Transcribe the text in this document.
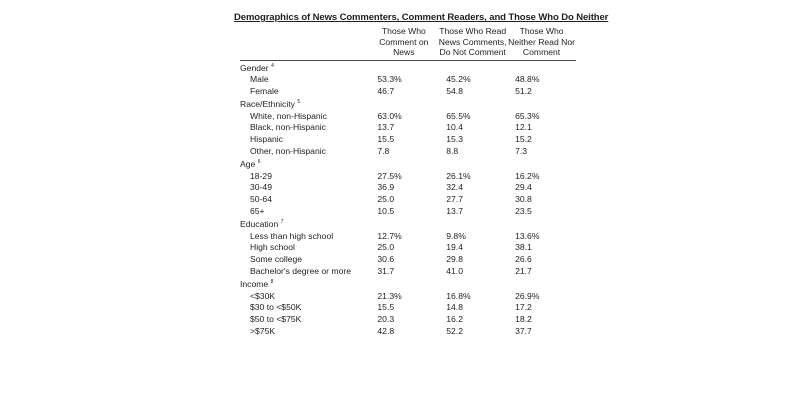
Demographics of News Commenters, Comment Readers, and Those Who Do Neither
	Those Who Comment on News	Those Who Read News Comments, Do Not Comment	Those Who Neither Read Nor Comment
Gender $^4$
Male	53.3%	45.2%	48.8%
Female	46.7	54.8	51.2
Race/Ethnicity $^5$
White, non-Hispanic	63.0%	65.5%	65.3%
Black, non-Hispanic	13.7	10.4	12.1
Hispanic	15.5	15.3	15.2
Other, non-Hispanic	7.8	8.8	7.3
Age $^6$
18-29	27.5%	26.1%	16.2%
30-49	36.9	32.4	29.4
50-64	25.0	27.7	30.8
65+	10.5	13.7	23.5
Education $^7$
Less than high school	12.7%	9.8%	13.6%
High school	25.0	19.4	38.1
Some college	30.6	29.8	26.6
Bachelor's degree or more	31.7	41.0	21.7
Income $^8$
<$30K	21.3%	16.8%	26.9%
$30 to <$50K	15.5	14.8	17.2
$50 to <$75K	20.3	16.2	18.2
>$75K	42.8	52.2	37.7
